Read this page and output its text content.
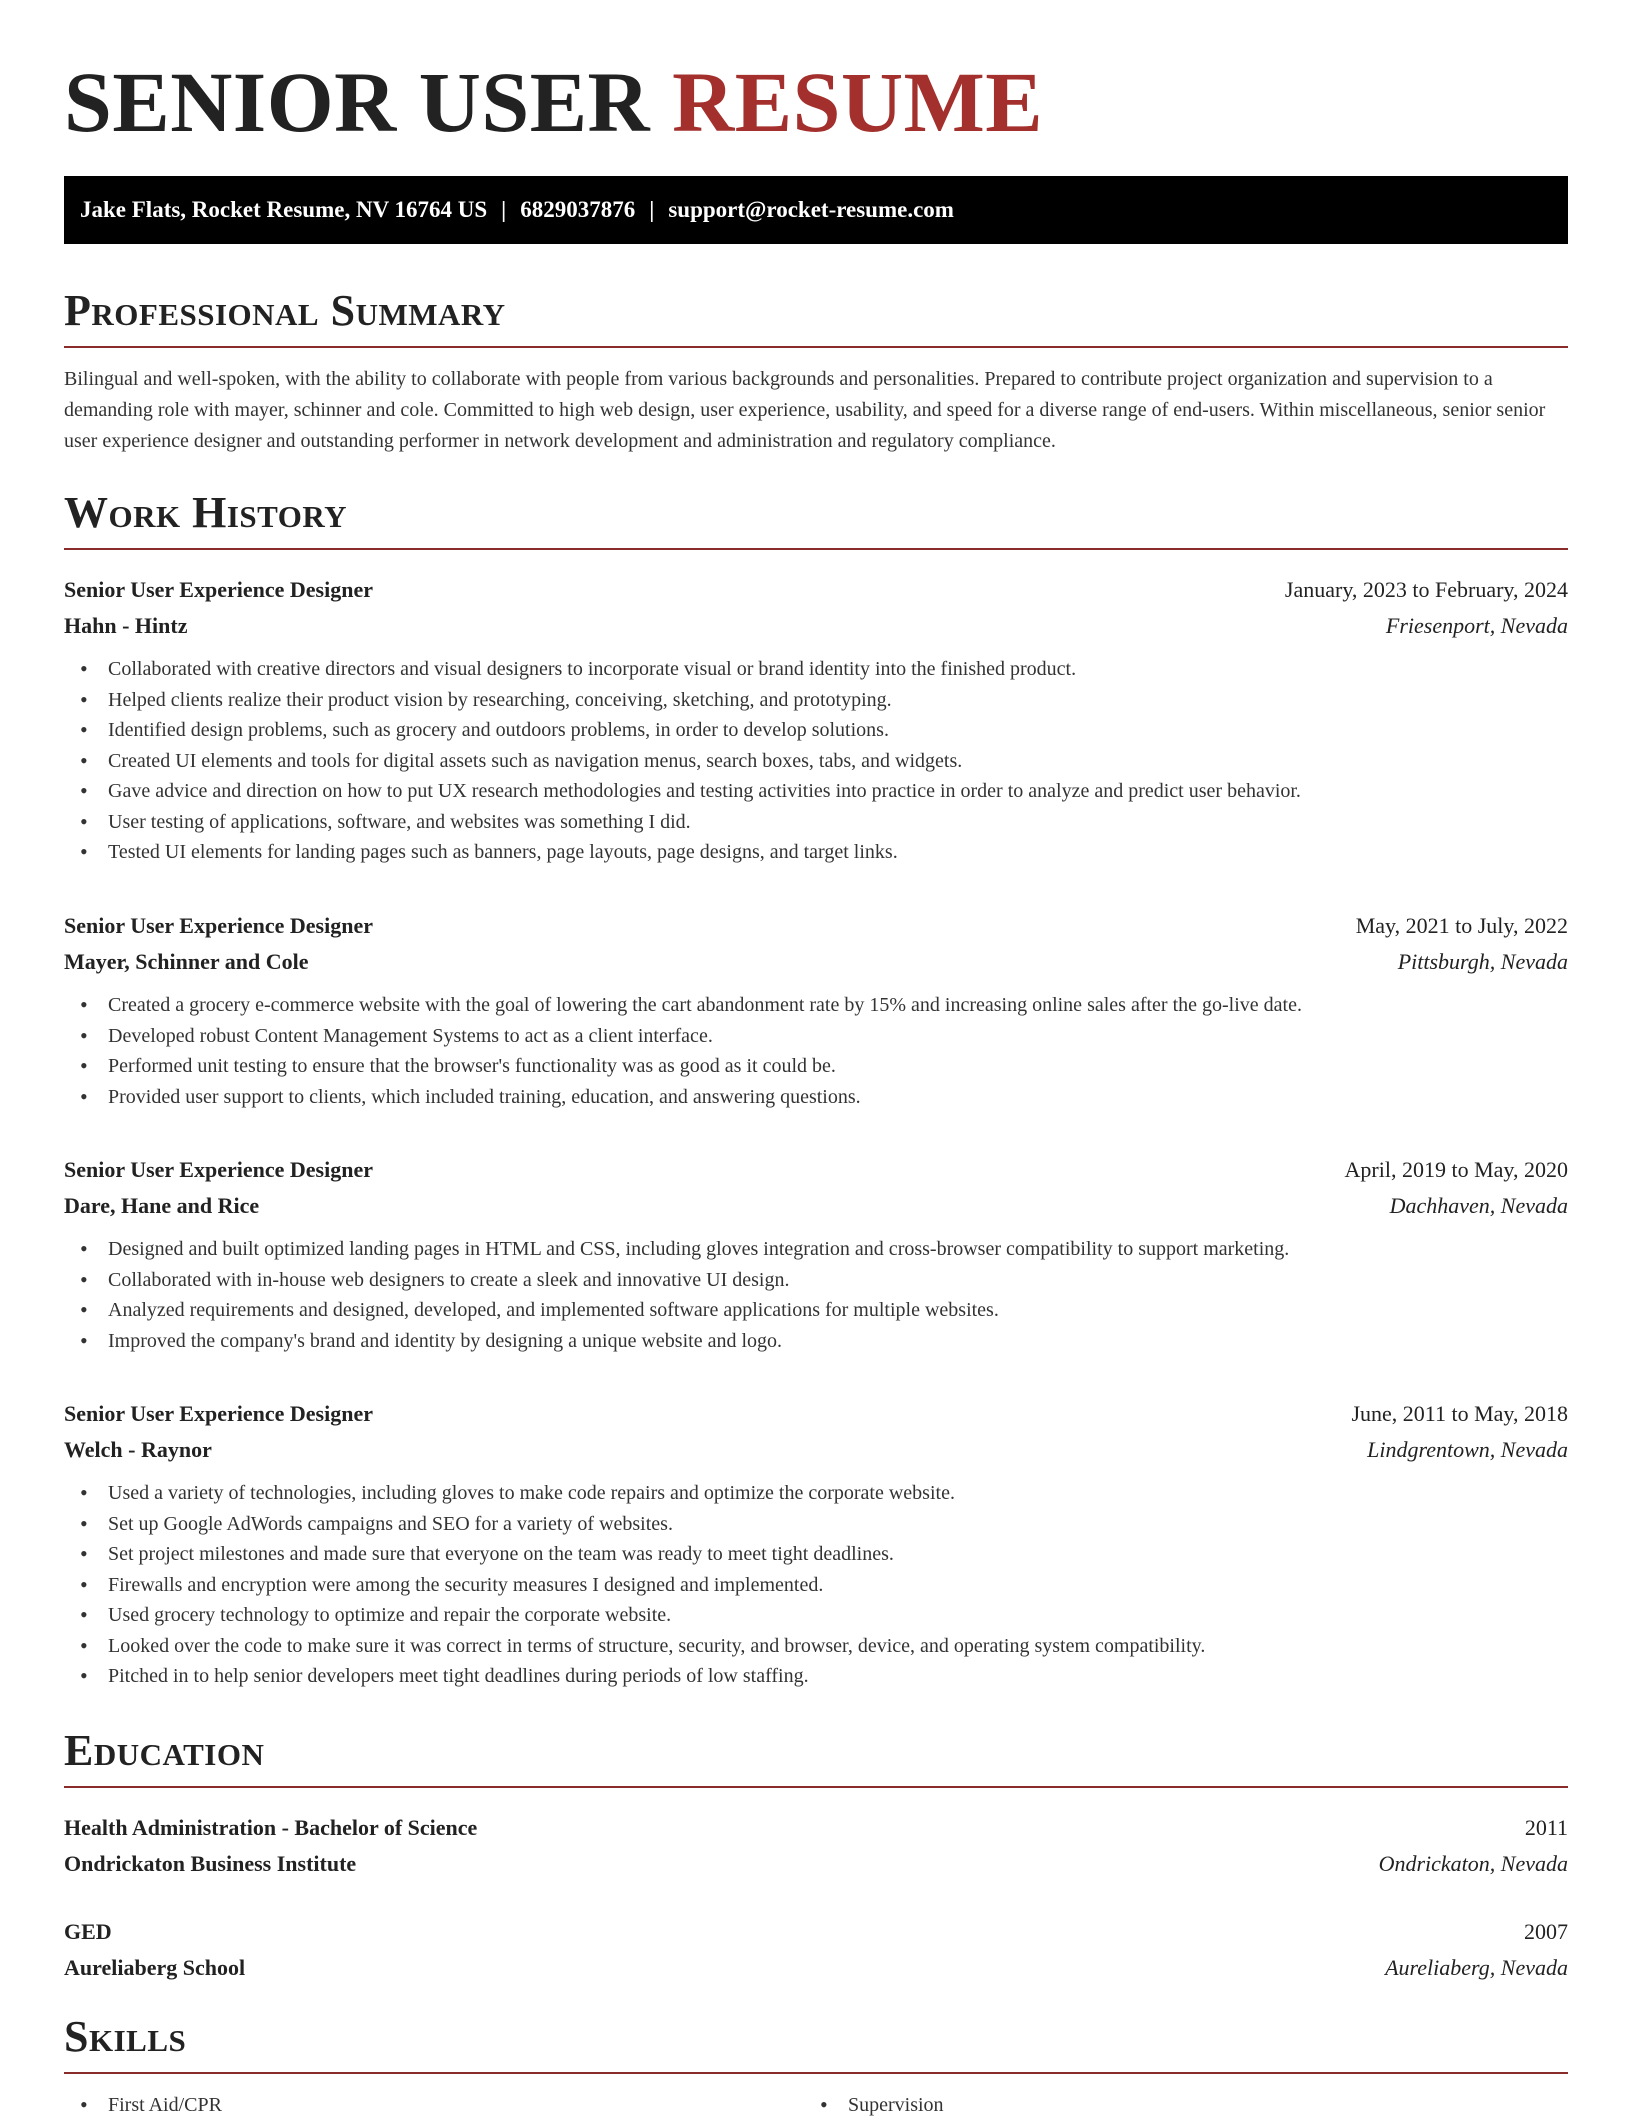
SENIOR USER RESUME
Jake Flats, Rocket Resume, NV 16764 US | 6829037876 | support@rocket-resume.com
Professional Summary

Bilingual and well-spoken, with the ability to collaborate with people from various backgrounds and personalities. Prepared to contribute project organization and supervision to a demanding role with mayer, schinner and cole. Committed to high web design, user experience, usability, and speed for a diverse range of end-users. Within miscellaneous, senior senior user experience designer and outstanding performer in network development and administration and regulatory compliance.

Work History
Senior User Experience Designer	January, 2023 to February, 2024
Hahn - Hintz	Friesenport, Nevada
• Collaborated with creative directors and visual designers to incorporate visual or brand identity into the finished product.
• Helped clients realize their product vision by researching, conceiving, sketching, and prototyping.
• Identified design problems, such as grocery and outdoors problems, in order to develop solutions.
• Created UI elements and tools for digital assets such as navigation menus, search boxes, tabs, and widgets.
• Gave advice and direction on how to put UX research methodologies and testing activities into practice in order to analyze and predict user behavior.
• User testing of applications, software, and websites was something I did.
• Tested UI elements for landing pages such as banners, page layouts, page designs, and target links.
Senior User Experience Designer	May, 2021 to July, 2022
Mayer, Schinner and Cole	Pittsburgh, Nevada
• Created a grocery e-commerce website with the goal of lowering the cart abandonment rate by 15% and increasing online sales after the go-live date.
• Developed robust Content Management Systems to act as a client interface.
• Performed unit testing to ensure that the browser's functionality was as good as it could be.
• Provided user support to clients, which included training, education, and answering questions.
Senior User Experience Designer	April, 2019 to May, 2020
Dare, Hane and Rice	Dachhaven, Nevada
• Designed and built optimized landing pages in HTML and CSS, including gloves integration and cross-browser compatibility to support marketing.
• Collaborated with in-house web designers to create a sleek and innovative UI design.
• Analyzed requirements and designed, developed, and implemented software applications for multiple websites.
• Improved the company's brand and identity by designing a unique website and logo.
Senior User Experience Designer	June, 2011 to May, 2018
Welch - Raynor	Lindgrentown, Nevada
• Used a variety of technologies, including gloves to make code repairs and optimize the corporate website.
• Set up Google AdWords campaigns and SEO for a variety of websites.
• Set project milestones and made sure that everyone on the team was ready to meet tight deadlines.
• Firewalls and encryption were among the security measures I designed and implemented.
• Used grocery technology to optimize and repair the corporate website.
• Looked over the code to make sure it was correct in terms of structure, security, and browser, device, and operating system compatibility.
• Pitched in to help senior developers meet tight deadlines during periods of low staffing.
Education
Health Administration - Bachelor of Science	2011
Ondrickaton Business Institute	Ondrickaton, Nevada
GED	2007
Aureliaberg School	Aureliaberg, Nevada
Skills
• First Aid/CPR
•	Supervision
